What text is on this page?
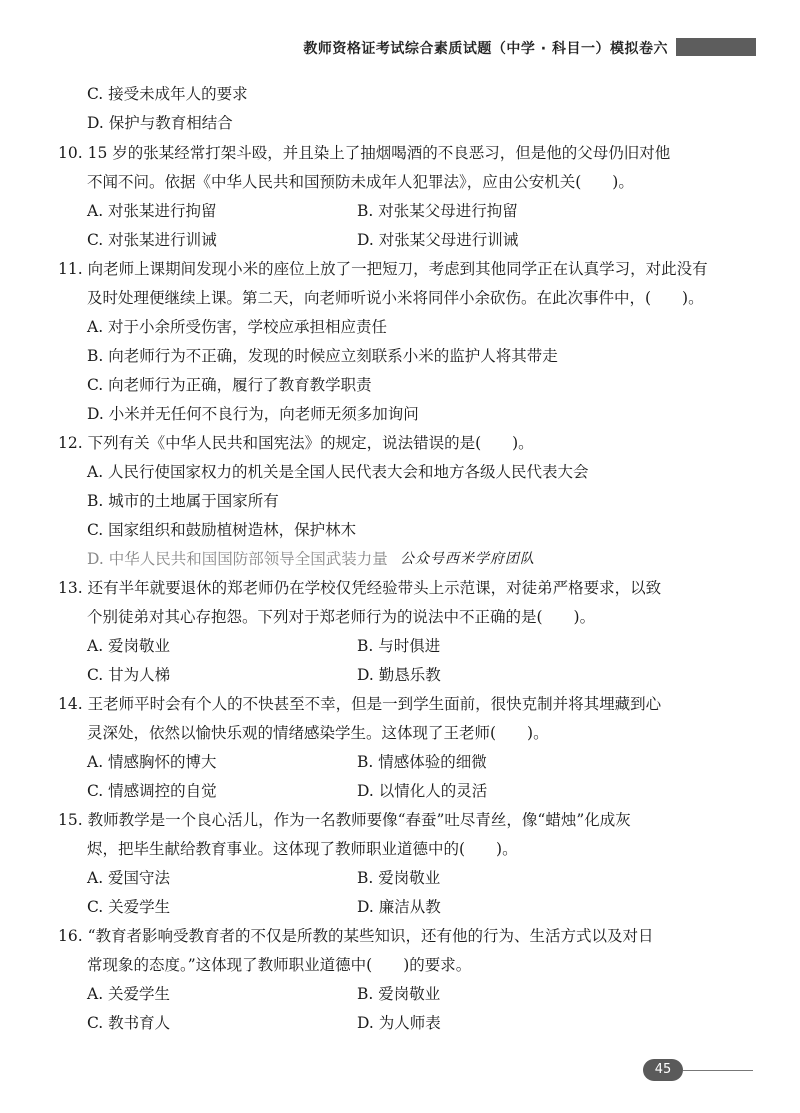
教师资格证考试综合素质试题（中学 · 科目一）模拟卷六
C. 接受未成年人的要求
D. 保护与教育相结合
10. 15 岁的张某经常打架斗殴，并且染上了抽烟喝酒的不良恶习，但是他的父母仍旧对他
不闻不问。依据《中华人民共和国预防未成年人犯罪法》，应由公安机关(　　)。
A. 对张某进行拘留	B. 对张某父母进行拘留
C. 对张某进行训诫	D. 对张某父母进行训诫
11. 向老师上课期间发现小米的座位上放了一把短刀，考虑到其他同学正在认真学习，对此没有
及时处理便继续上课。第二天，向老师听说小米将同伴小余砍伤。在此次事件中，(　　)。
A. 对于小余所受伤害，学校应承担相应责任
B. 向老师行为不正确，发现的时候应立刻联系小米的监护人将其带走
C. 向老师行为正确，履行了教育教学职责
D. 小米并无任何不良行为，向老师无须多加询问
12. 下列有关《中华人民共和国宪法》的规定，说法错误的是(　　)。
A. 人民行使国家权力的机关是全国人民代表大会和地方各级人民代表大会
B. 城市的土地属于国家所有
C. 国家组织和鼓励植树造林，保护林木
D. 中华人民共和国国防部领导全国武装力量 公众号西米学府团队
13. 还有半年就要退休的郑老师仍在学校仅凭经验带头上示范课，对徒弟严格要求，以致
个别徒弟对其心存抱怨。下列对于郑老师行为的说法中不正确的是(　　)。
A. 爱岗敬业	B. 与时俱进
C. 甘为人梯	D. 勤恳乐教
14. 王老师平时会有个人的不快甚至不幸，但是一到学生面前，很快克制并将其埋藏到心
灵深处，依然以愉快乐观的情绪感染学生。这体现了王老师(　　)。
A. 情感胸怀的博大	B. 情感体验的细微
C. 情感调控的自觉	D. 以情化人的灵活
15. 教师教学是一个良心活儿，作为一名教师要像“春蚕”吐尽青丝，像“蜡烛”化成灰
烬，把毕生献给教育事业。这体现了教师职业道德中的(　　)。
A. 爱国守法	B. 爱岗敬业
C. 关爱学生	D. 廉洁从教
16. “教育者影响受教育者的不仅是所教的某些知识，还有他的行为、生活方式以及对日
常现象的态度。”这体现了教师职业道德中(　　)的要求。
A. 关爱学生	B. 爱岗敬业
C. 教书育人	D. 为人师表
45
